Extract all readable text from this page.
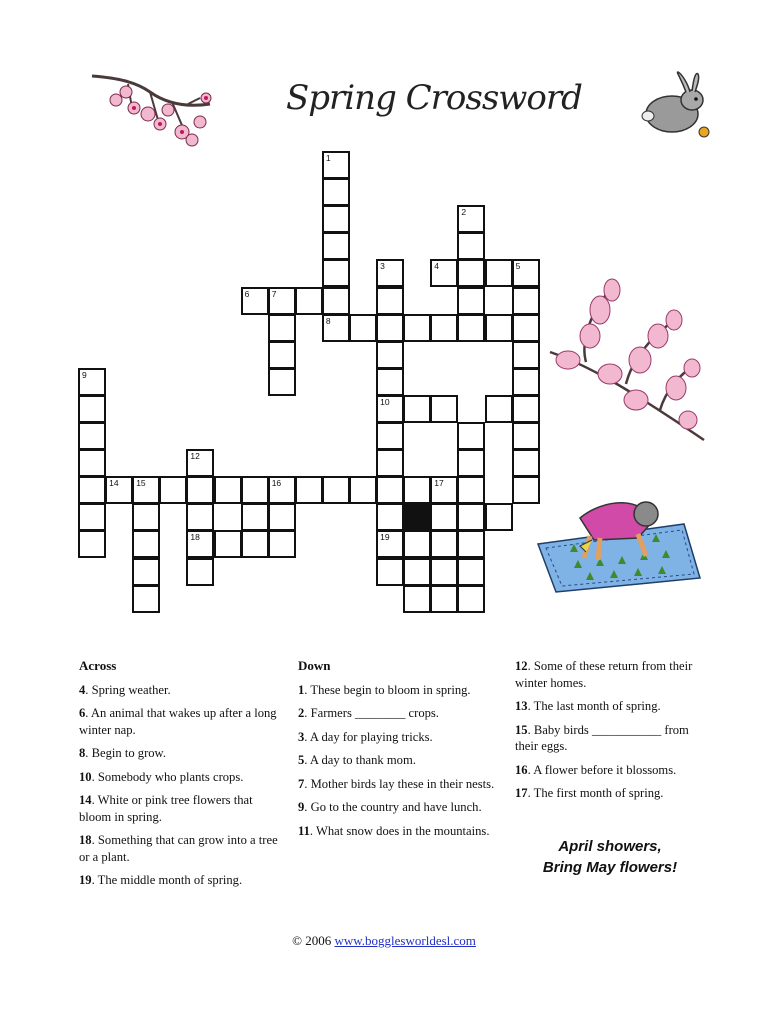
Spring Crossword
1
2
3
10
19
4	5
6	7
8
9
12
18
14 15	16	17
Across
4. Spring weather.
6. An animal that wakes up after a long winter nap.
8. Begin to grow.
10. Somebody who plants crops.
14. White or pink tree flowers that bloom in spring.
18. Something that can grow into a tree or a plant.
19. The middle month of spring.
Down
1. These begin to bloom in spring.
2. Farmers ________ crops.
3. A day for playing tricks.
5. A day to thank mom.
7. Mother birds lay these in their nests.
9. Go to the country and have lunch.
11. What snow does in the mountains.
12. Some of these return from their winter homes.
13. The last month of spring.
15. Baby birds ___________ from their eggs.
16. A flower before it blossoms.
17. The first month of spring.
April showers,
Bring May flowers!
© 2006 www.bogglesworldesl.com
